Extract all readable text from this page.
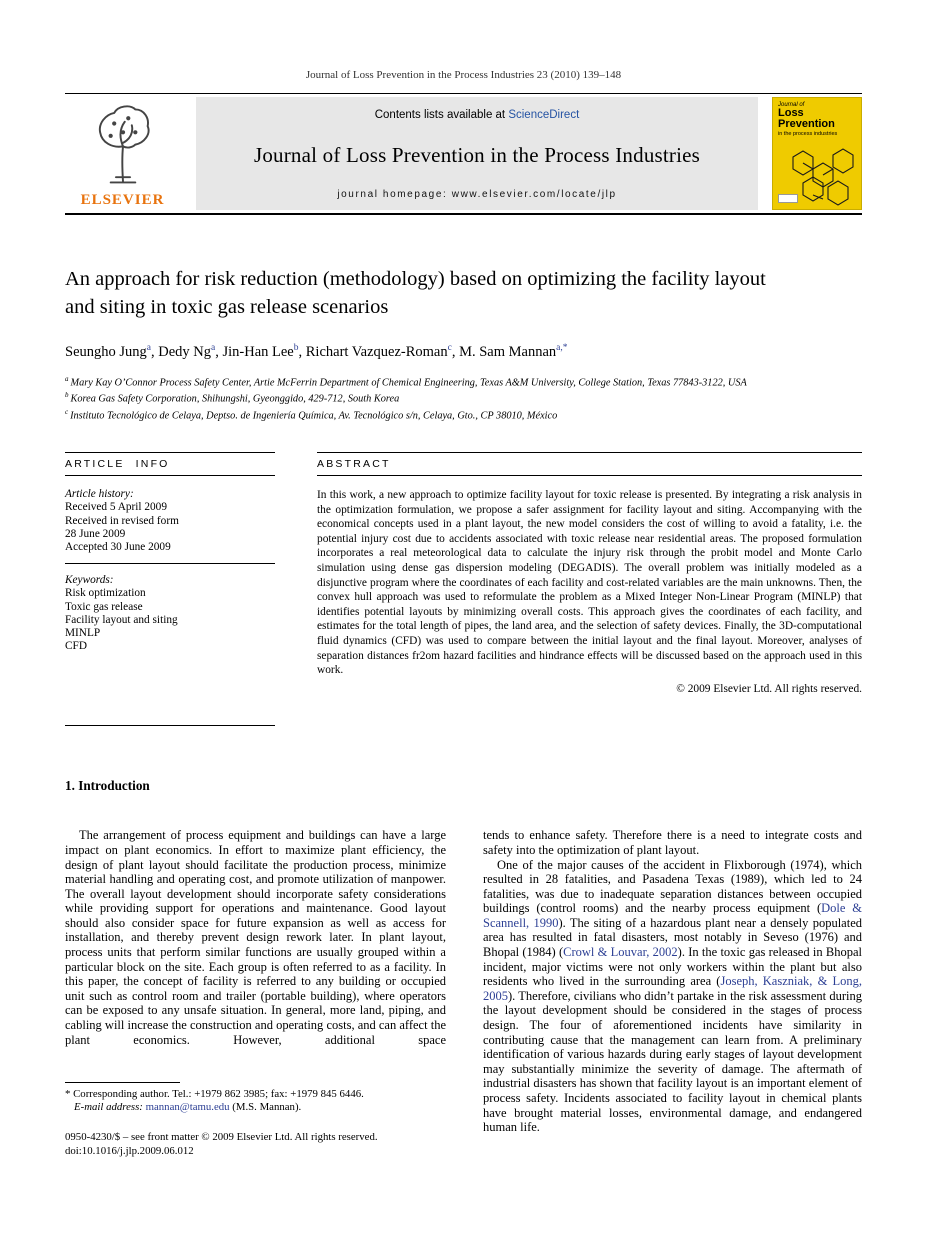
Journal of Loss Prevention in the Process Industries 23 (2010) 139–148
ELSEVIER
Contents lists available at ScienceDirect
Journal of Loss Prevention in the Process Industries
journal homepage: www.elsevier.com/locate/jlp
Journal of
Loss
Prevention
in the process industries
An approach for risk reduction (methodology) based on optimizing the facility layout and siting in toxic gas release scenarios
Seungho Jung$^a$, Dedy Ng$^a$, Jin-Han Lee$^b$, Richart Vazquez-Roman$^c$, M. Sam Mannan$^{a,*}$
$^a$ Mary Kay O’Connor Process Safety Center, Artie McFerrin Department of Chemical Engineering, Texas A&M University, College Station, Texas 77843-3122, USA
$^b$ Korea Gas Safety Corporation, Shihungshi, Gyeonggido, 429-712, South Korea
$^c$ Instituto Tecnológico de Celaya, Deptso. de Ingeniería Química, Av. Tecnológico s/n, Celaya, Gto., CP 38010, México
ARTICLE INFO
Article history:
Received 5 April 2009
Received in revised form
28 June 2009
Accepted 30 June 2009
Keywords:
Risk optimization
Toxic gas release
Facility layout and siting
MINLP
CFD
ABSTRACT
In this work, a new approach to optimize facility layout for toxic release is presented. By integrating a risk analysis in the optimization formulation, we propose a safer assignment for facility layout and siting. Accompanying with the economical concepts used in a plant layout, the new model considers the cost of willing to avoid a fatality, i.e. the potential injury cost due to accidents associated with toxic release near residential areas. The proposed formulation incorporates a real meteorological data to calculate the injury risk through the probit model and Monte Carlo simulation using dense gas dispersion modeling (DEGADIS). The overall problem was initially modeled as a disjunctive program where the coordinates of each facility and cost-related variables are the main unknowns. Then, the convex hull approach was used to reformulate the problem as a Mixed Integer Non-Linear Program (MINLP) that identifies potential layouts by minimizing overall costs. This approach gives the coordinates of each facility, and estimates for the total length of pipes, the land area, and the selection of safety devices. Finally, the 3D-computational fluid dynamics (CFD) was used to compare between the initial layout and the final layout. Moreover, analyses of separation distances fr2om hazard facilities and hindrance effects will be discussed based on the approach used in this work.
© 2009 Elsevier Ltd. All rights reserved.
1. Introduction

The arrangement of process equipment and buildings can have a large impact on plant economics. In effort to maximize plant efficiency, the design of plant layout should facilitate the production process, minimize material handling and operating cost, and promote utilization of manpower. The overall layout development should incorporate safety considerations while providing support for operations and maintenance. Good layout should also consider space for future expansion as well as access for installation, and thereby prevent design rework later. In plant layout, process units that perform similar functions are usually grouped within a particular block on the site. Each group is often referred to as a facility. In this paper, the concept of facility is referred to any building or occupied unit such as control room and trailer (portable building), where operators can be exposed to any unsafe situation. In general, more land, piping, and cabling will increase the construction and operating costs, and can affect the plant economics. However, additional space

tends to enhance safety. Therefore there is a need to integrate costs and safety into the optimization of plant layout.

One of the major causes of the accident in Flixborough (1974), which resulted in 28 fatalities, and Pasadena Texas (1989), which led to 24 fatalities, was due to inadequate separation distances between occupied buildings (control rooms) and the nearby process equipment (Dole & Scannell, 1990). The siting of a hazardous plant near a densely populated area has resulted in fatal disasters, most notably in Seveso (1976) and Bhopal (1984) (Crowl & Louvar, 2002). In the toxic gas released in Bhopal incident, major victims were not only workers within the plant but also residents who lived in the surrounding area (Joseph, Kaszniak, & Long, 2005). Therefore, civilians who didn’t partake in the risk assessment during the layout development should be considered in the stages of process design. The four of aforementioned incidents have similarity in contributing cause that the management can learn from. A preliminary identification of various hazards during early stages of layout development may substantially minimize the severity of damage. The aftermath of industrial disasters has shown that facility layout is an important element of process safety. Incidents associated to facility layout in chemical plants have brought material losses, environmental damage, and endangered human life.

* Corresponding author. Tel.: +1979 862 3985; fax: +1979 845 6446.
E-mail address: mannan@tamu.edu (M.S. Mannan).
0950-4230/$ – see front matter © 2009 Elsevier Ltd. All rights reserved.
doi:10.1016/j.jlp.2009.06.012
